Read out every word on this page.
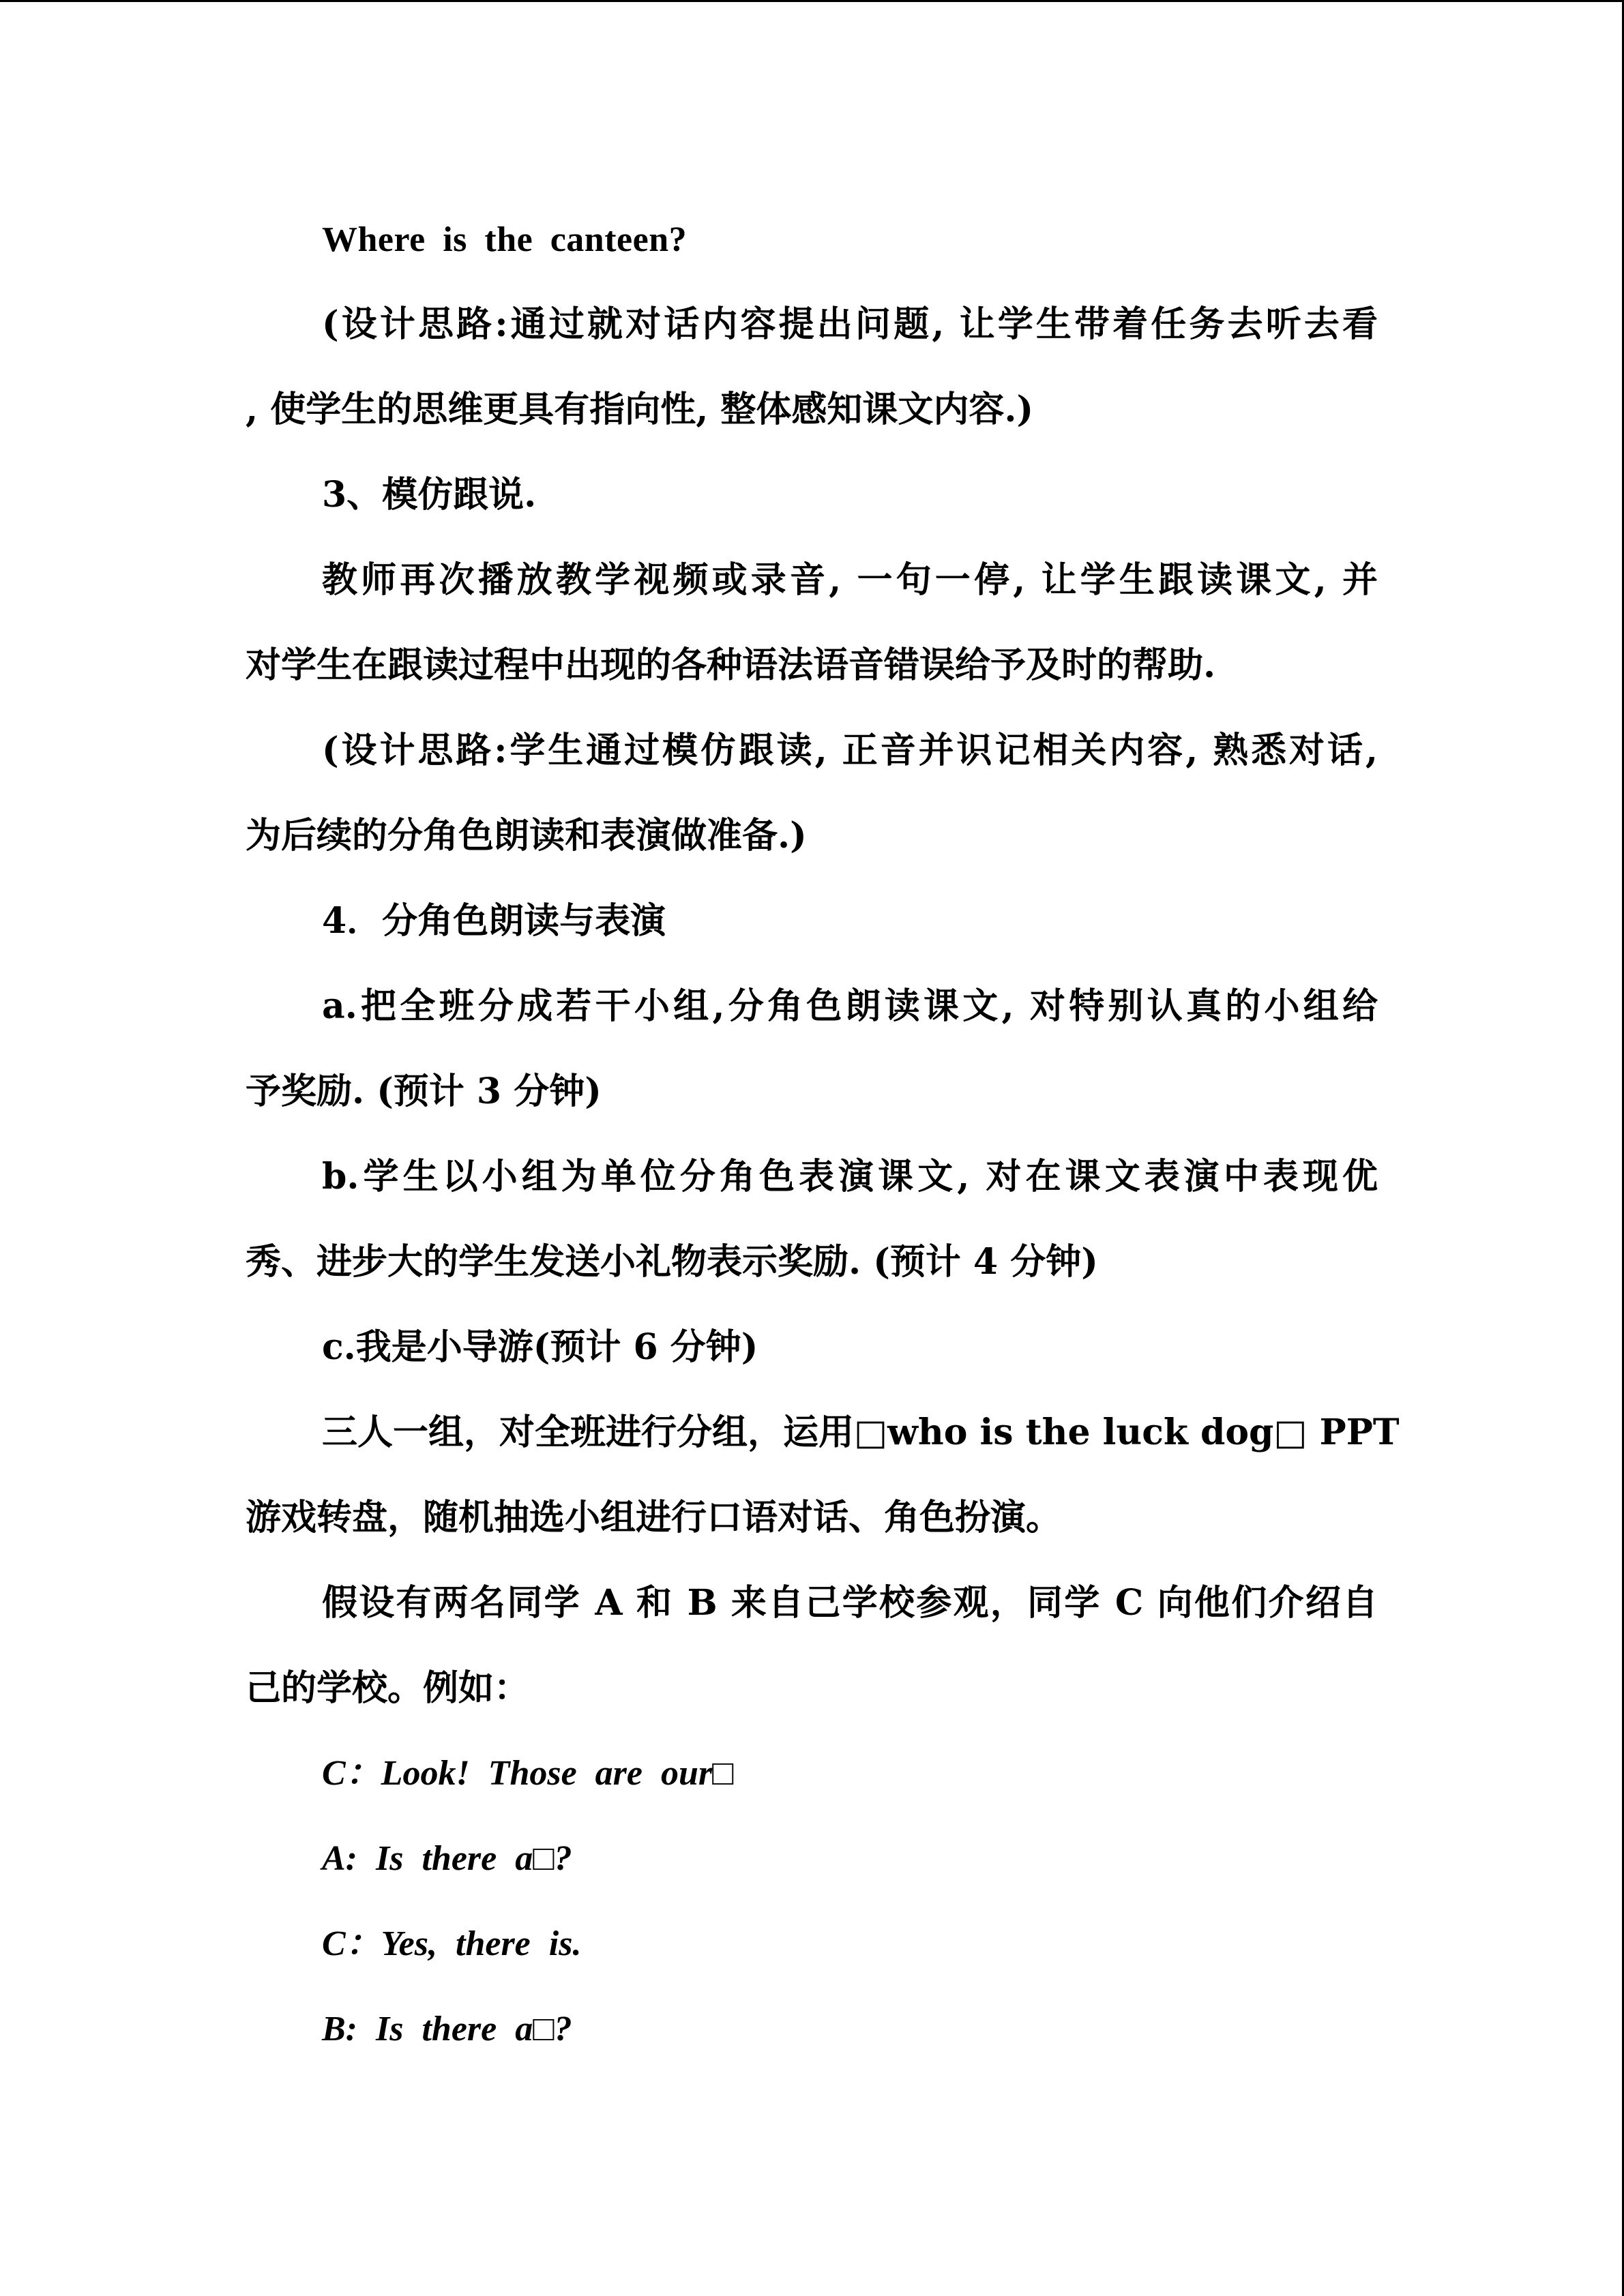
Where is the canteen?
(设计思路:通过就对话内容提出问题, 让学生带着任务去听去看
, 使学生的思维更具有指向性, 整体感知课文内容.)
3、模仿跟说.
教师再次播放教学视频或录音, 一句一停, 让学生跟读课文, 并
对学生在跟读过程中出现的各种语法语音错误给予及时的帮助.
(设计思路:学生通过模仿跟读, 正音并识记相关内容, 熟悉对话,
为后续的分角色朗读和表演做准备.)
4．分角色朗读与表演
a.把全班分成若干小组,分角色朗读课文, 对特别认真的小组给
予奖励. (预计 3 分钟)
b.学生以小组为单位分角色表演课文, 对在课文表演中表现优
秀、进步大的学生发送小礼物表示奖励. (预计 4 分钟)
c.我是小导游(预计 6 分钟)
三人一组，对全班进行分组，运用□who is the luck dog□ PPT
游戏转盘，随机抽选小组进行口语对话、角色扮演。
假设有两名同学 A 和 B 来自己学校参观，同学 C 向他们介绍自
己的学校。例如：
C：Look! Those are our□
A: Is there a□?
C：Yes, there is.
B: Is there a□?
